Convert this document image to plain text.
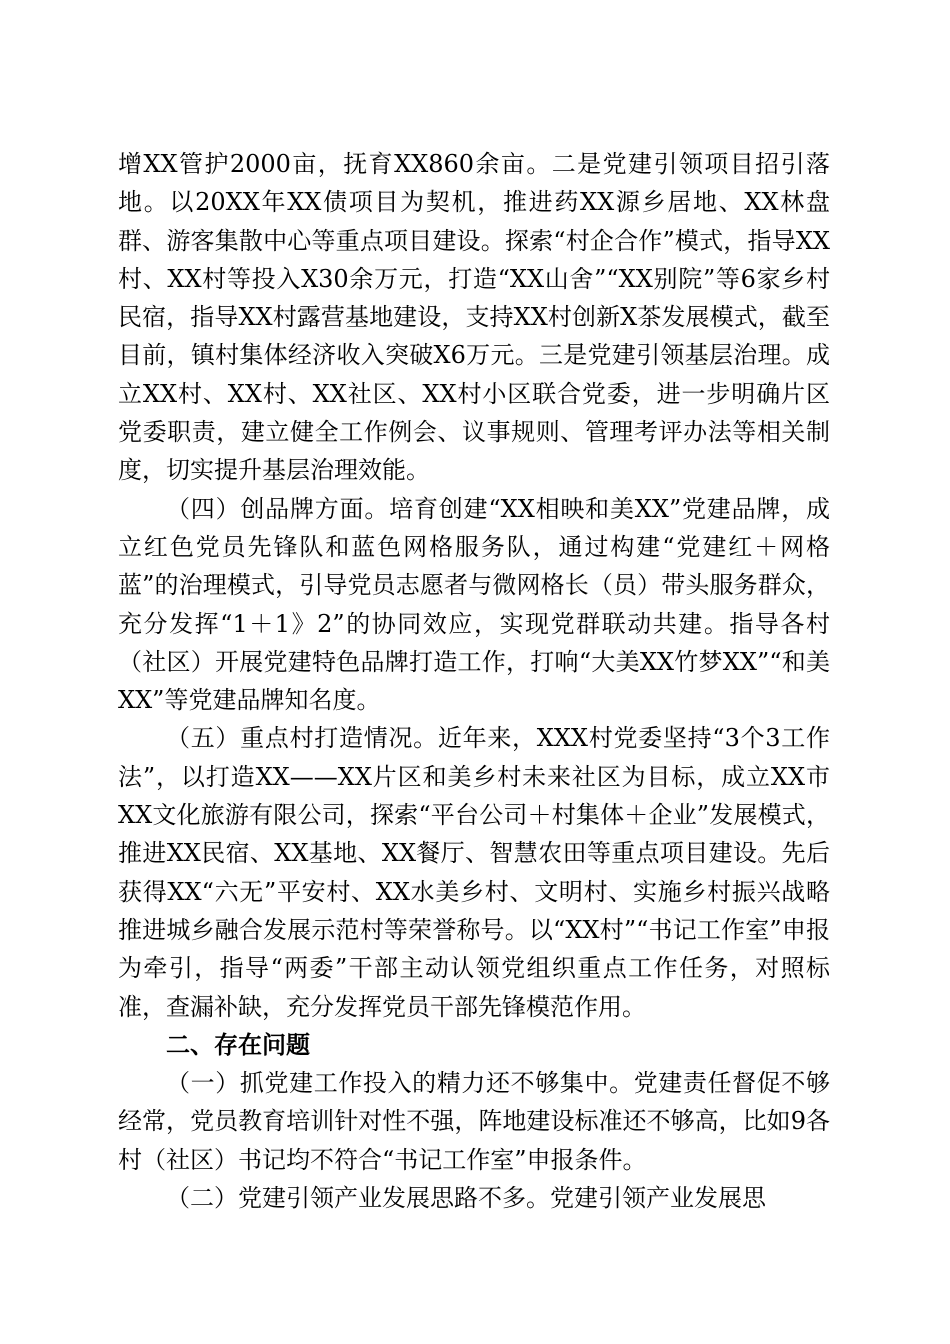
增XX管护2000亩，抚育XX860余亩。二是党建引领项目招引落地。以20XX年XX债项目为契机，推进药XX源乡居地、XX林盘群、游客集散中心等重点项目建设。探索“村企合作”模式，指导XX村、XX村等投入X30余万元，打造“XX山舍”“XX别院”等6家乡村民宿，指导XX村露营基地建设，支持XX村创新X茶发展模式，截至目前，镇村集体经济收入突破X6万元。三是党建引领基层治理。成立XX村、XX村、XX社区、XX村小区联合党委，进一步明确片区党委职责，建立健全工作例会、议事规则、管理考评办法等相关制度，切实提升基层治理效能。

（四）创品牌方面。培育创建“XX相映和美XX”党建品牌，成立红色党员先锋队和蓝色网格服务队，通过构建“党建红＋网格蓝”的治理模式，引导党员志愿者与微网格长（员）带头服务群众，充分发挥“1＋1》2”的协同效应，实现党群联动共建。指导各村（社区）开展党建特色品牌打造工作，打响“大美XX竹梦XX”“和美XX”等党建品牌知名度。

（五）重点村打造情况。近年来，XXX村党委坚持“3个3工作法”，以打造XX——XX片区和美乡村未来社区为目标，成立XX市XX文化旅游有限公司，探索“平台公司＋村集体＋企业”发展模式，推进XX民宿、XX基地、XX餐厅、智慧农田等重点项目建设。先后获得XX“六无”平安村、XX水美乡村、文明村、实施乡村振兴战略推进城乡融合发展示范村等荣誉称号。以“XX村”“书记工作室”申报为牵引，指导“两委”干部主动认领党组织重点工作任务，对照标准，查漏补缺，充分发挥党员干部先锋模范作用。

二、存在问题

（一）抓党建工作投入的精力还不够集中。党建责任督促不够经常，党员教育培训针对性不强，阵地建设标准还不够高，比如9各村（社区）书记均不符合“书记工作室”申报条件。

（二）党建引领产业发展思路不多。党建引领产业发展思
